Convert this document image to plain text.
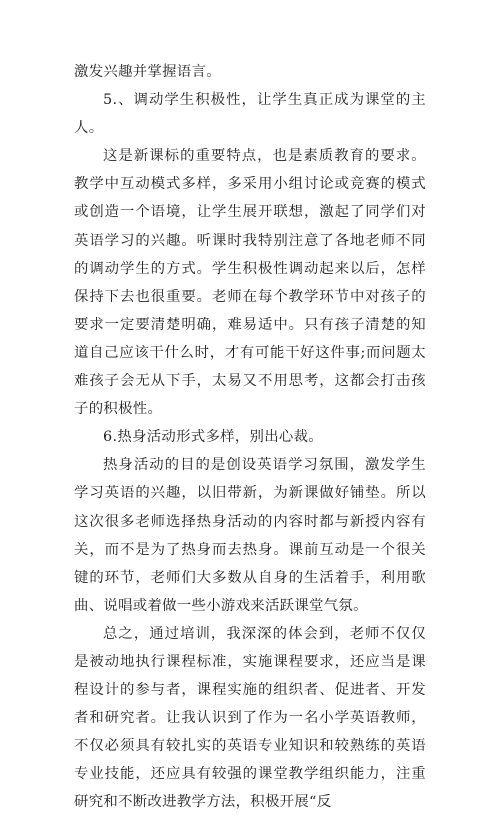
激发兴趣并掌握语言。

5.、调动学生积极性，让学生真正成为课堂的主人。

这是新课标的重要特点，也是素质教育的要求。教学中互动模式多样，多采用小组讨论或竞赛的模式或创造一个语境，让学生展开联想，激起了同学们对英语学习的兴趣。听课时我特别注意了各地老师不同的调动学生的方式。学生积极性调动起来以后，怎样保持下去也很重要。老师在每个教学环节中对孩子的要求一定要清楚明确，难易适中。只有孩子清楚的知道自己应该干什么时，才有可能干好这件事;而问题太难孩子会无从下手，太易又不用思考，这都会打击孩子的积极性。

6.热身活动形式多样，别出心裁。

热身活动的目的是创设英语学习氛围，激发学生学习英语的兴趣，以旧带新，为新课做好铺垫。所以这次很多老师选择热身活动的内容时都与新授内容有关，而不是为了热身而去热身。课前互动是一个很关键的环节，老师们大多数从自身的生活着手，利用歌曲、说唱或着做一些小游戏来活跃课堂气氛。

总之，通过培训，我深深的体会到，老师不仅仅是被动地执行课程标准，实施课程要求，还应当是课程设计的参与者，课程实施的组织者、促进者、开发者和研究者。让我认识到了作为一名小学英语教师，不仅必须具有较扎实的英语专业知识和较熟练的英语专业技能，还应具有较强的课堂教学组织能力，注重研究和不断改进教学方法，积极开展“反
